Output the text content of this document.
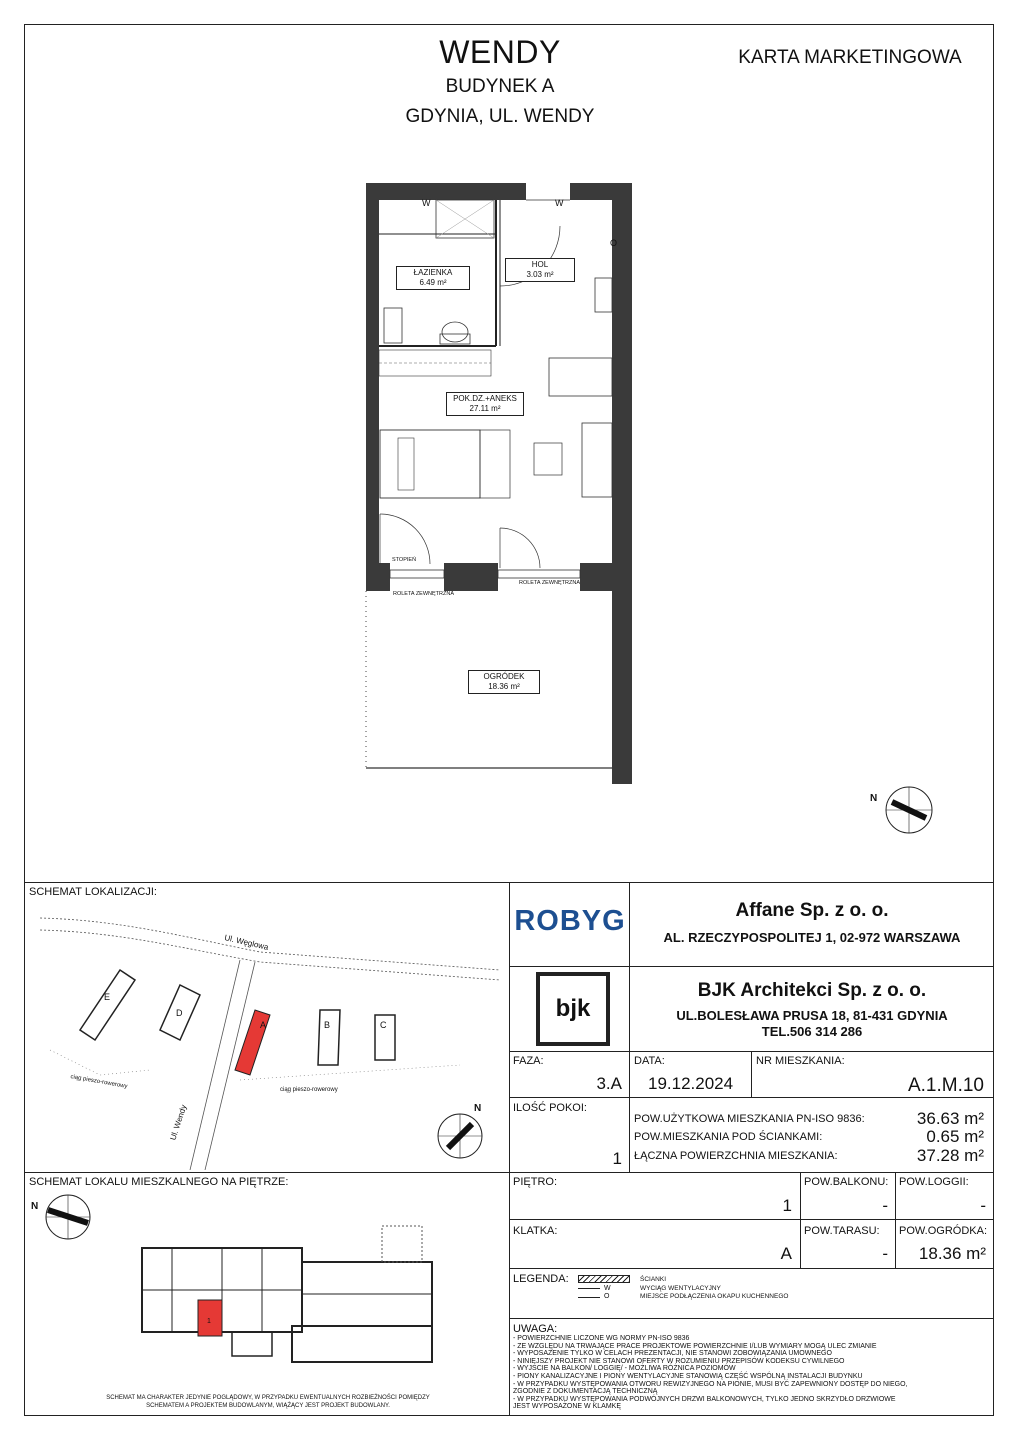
WENDY
BUDYNEK A
GDYNIA, UL. WENDY
KARTA MARKETINGOWA
ŁAZIENKA
6.49 m²
HOL
3.03 m²
POK.DZ.+ANEKS
27.11 m²
OGRÓDEK
18.36 m²
STOPIEŃ
ROLETA ZEWNĘTRZNA
ROLETA ZEWNĘTRZNA
W	W
O
N
SCHEMAT LOKALIZACJI:
Ul. Węglowa
Ul. Wendy
ciąg pieszo-rowerowy
ciąg pieszo-rowerowy
E
D
A	B	C
N
SCHEMAT LOKALU MIESZKALNEGO NA PIĘTRZE:
N
1
SCHEMAT MA CHARAKTER JEDYNIE POGLĄDOWY, W PRZYPADKU EWENTUALNYCH ROZBIEŻNOŚCI POMIĘDZY
SCHEMATEM A PROJEKTEM BUDOWLANYM, WIĄŻĄCY JEST PROJEKT BUDOWLANY.
ROBYG	Affane Sp. z o. o.
AL. RZECZYPOSPOLITEJ 1, 02-972 WARSZAWA
bjk
BJK Architekci Sp. z o. o.
UL.BOLESŁAWA PRUSA 18, 81-431 GDYNIA
TEL.506 314 286
FAZA:
3.A
DATA:
19.12.2024
NR MIESZKANIA:
A.1.M.10
ILOŚĆ POKOI:
1
POW.UŻYTKOWA MIESZKANIA PN-ISO 9836:	36.63 m²
POW.MIESZKANIA POD ŚCIANKAMI:	0.65 m²
ŁĄCZNA POWIERZCHNIA MIESZKANIA:	37.28 m²
PIĘTRO:
1
POW.BALKONU:
-
POW.LOGGII:
-
KLATKA:
A
POW.TARASU:
-
POW.OGRÓDKA:
18.36 m²
LEGENDA:	ŚCIANKI
W
O
WYCIĄG WENTYLACYJNY
MIEJSCE PODŁĄCZENIA OKAPU KUCHENNEGO
UWAGA:
- POWIERZCHNIE LICZONE WG NORMY PN-ISO 9836
- ZE WZGLĘDU NA TRWAJĄCE PRACE PROJEKTOWE POWIERZCHNIE I/LUB WYMIARY MOGĄ ULEC ZMIANIE
- WYPOSAŻENIE TYLKO W CELACH PREZENTACJI, NIE STANOWI ZOBOWIĄZANIA UMOWNEGO
- NINIEJSZY PROJEKT NIE STANOWI OFERTY W ROZUMIENIU PRZEPISÓW KODEKSU CYWILNEGO
- WYJŚCIE NA BALKON/ LOGGIĘ/ - MOŻLIWA RÓŻNICA POZIOMÓW
- PIONY KANALIZACYJNE I PIONY WENTYLACYJNE STANOWIĄ CZĘŚĆ WSPÓLNĄ INSTALACJI BUDYNKU
- W PRZYPADKU WYSTĘPOWANIA OTWORU REWIZYJNEGO NA PIONIE, MUSI BYĆ ZAPEWNIONY DOSTĘP DO NIEGO,
ZGODNIE Z DOKUMENTACJĄ TECHNICZNĄ
- W PRZYPADKU WYSTĘPOWANIA PODWÓJNYCH DRZWI BALKONOWYCH, TYLKO JEDNO SKRZYDŁO DRZWIOWE
JEST WYPOSAŻONE W KLAMKĘ
